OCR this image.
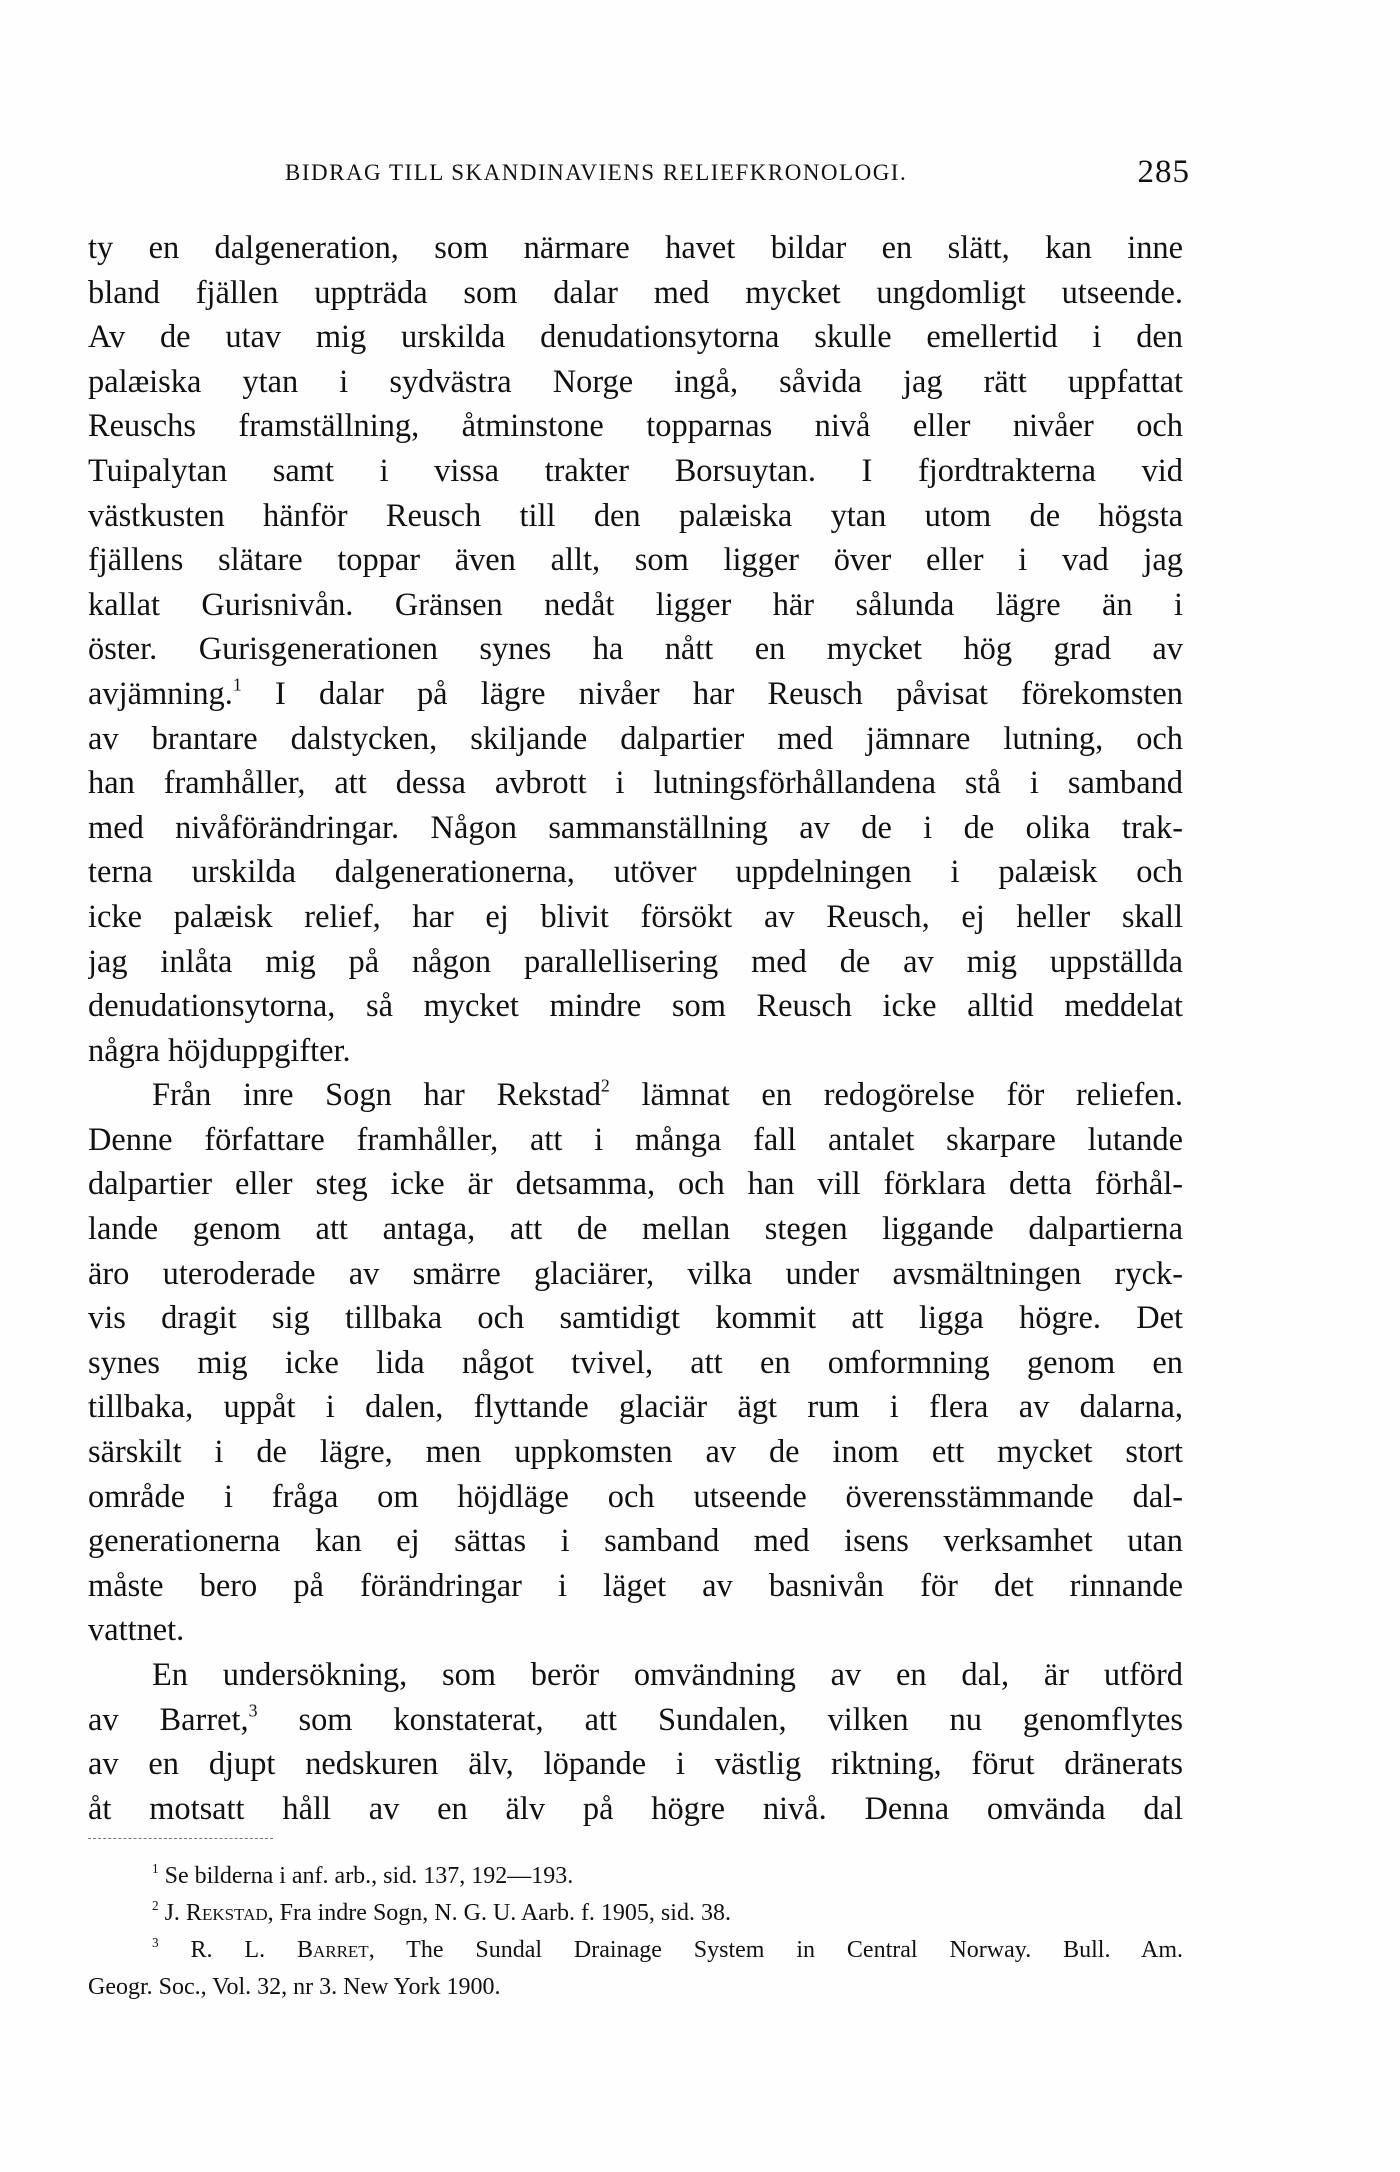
BIDRAG TILL SKANDINAVIENS RELIEFKRONOLOGI.	285
ty en dalgeneration, som närmare havet bildar en slätt, kan inne
bland fjällen uppträda som dalar med mycket ungdomligt utseende.
Av de utav mig urskilda denudationsytorna skulle emellertid i den
palæiska ytan i sydvästra Norge ingå, såvida jag rätt uppfattat
Reuschs framställning, åtminstone topparnas nivå eller nivåer och
Tuipalytan samt i vissa trakter Borsuytan. I fjordtrakterna vid
västkusten hänför Reusch till den palæiska ytan utom de högsta
fjällens slätare toppar även allt, som ligger över eller i vad jag
kallat Gurisnivån. Gränsen nedåt ligger här sålunda lägre än i
öster. Gurisgenerationen synes ha nått en mycket hög grad av
avjämning.$^1$ I dalar på lägre nivåer har Reusch påvisat förekomsten
av brantare dalstycken, skiljande dalpartier med jämnare lutning, och
han framhåller, att dessa avbrott i lutningsförhållandena stå i samband
med nivåförändringar. Någon sammanställning av de i de olika trak-
terna urskilda dalgenerationerna, utöver uppdelningen i palæisk och
icke palæisk relief, har ej blivit försökt av Reusch, ej heller skall
jag inlåta mig på någon parallellisering med de av mig uppställda
denudationsytorna, så mycket mindre som Reusch icke alltid meddelat
några höjduppgifter.
Från inre Sogn har Rekstad$^2$ lämnat en redogörelse för reliefen.
Denne författare framhåller, att i många fall antalet skarpare lutande
dalpartier eller steg icke är detsamma, och han vill förklara detta förhål-
lande genom att antaga, att de mellan stegen liggande dalpartierna
äro uteroderade av smärre glaciärer, vilka under avsmältningen ryck-
vis dragit sig tillbaka och samtidigt kommit att ligga högre. Det
synes mig icke lida något tvivel, att en omformning genom en
tillbaka, uppåt i dalen, flyttande glaciär ägt rum i flera av dalarna,
särskilt i de lägre, men uppkomsten av de inom ett mycket stort
område i fråga om höjdläge och utseende överensstämmande dal-
generationerna kan ej sättas i samband med isens verksamhet utan
måste bero på förändringar i läget av basnivån för det rinnande
vattnet.
En undersökning, som berör omvändning av en dal, är utförd
av Barret,$^3$ som konstaterat, att Sundalen, vilken nu genomflytes
av en djupt nedskuren älv, löpande i västlig riktning, förut dränerats
åt motsatt håll av en älv på högre nivå. Denna omvända dal
$^1$ Se bilderna i anf. arb., sid. 137, 192—193.
$^2$ J. Rekstad, Fra indre Sogn, N. G. U. Aarb. f. 1905, sid. 38.
$^3$ R. L. Barret, The Sundal Drainage System in Central Norway. Bull. Am.
Geogr. Soc., Vol. 32, nr 3. New York 1900.
